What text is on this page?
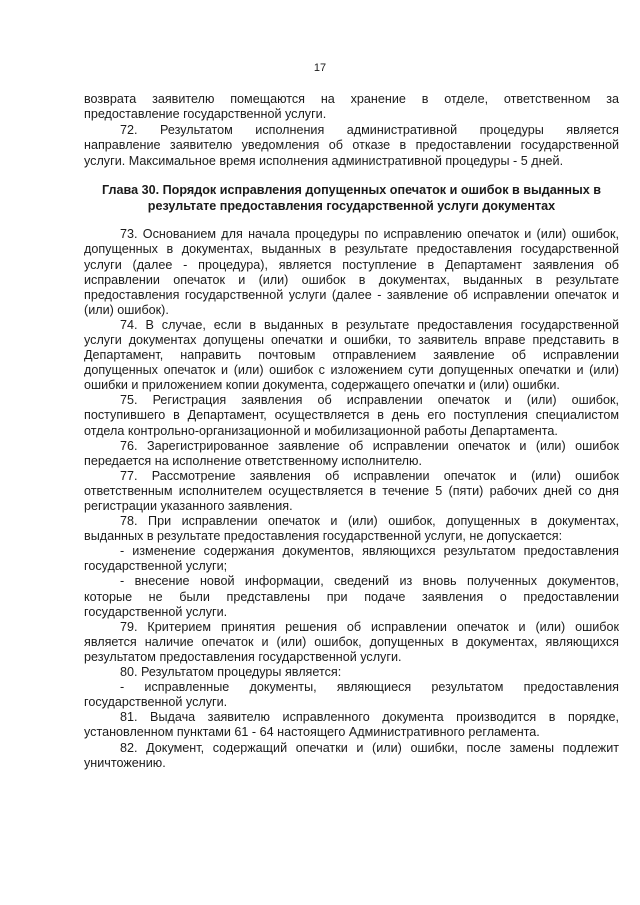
17
возврата заявителю помещаются на хранение в отделе, ответственном за
предоставление государственной услуги.
72. Результатом исполнения административной процедуры является
направление заявителю уведомления об отказе в предоставлении государственной
услуги. Максимальное время исполнения административной процедуры - 5 дней.
Глава 30. Порядок исправления допущенных опечаток и ошибок в выданных в
результате предоставления государственной услуги документах
73. Основанием для начала процедуры по исправлению опечаток и (или) ошибок,
допущенных в документах, выданных в результате предоставления государственной
услуги (далее - процедура), является поступление в Департамент заявления об
исправлении опечаток и (или) ошибок в документах, выданных в результате
предоставления государственной услуги (далее - заявление об исправлении опечаток и
(или) ошибок).
74. В случае, если в выданных в результате предоставления государственной
услуги документах допущены опечатки и ошибки, то заявитель вправе представить в
Департамент, направить почтовым отправлением заявление об исправлении
допущенных опечаток и (или) ошибок с изложением сути допущенных опечатки и (или)
ошибки и приложением копии документа, содержащего опечатки и (или) ошибки.
75. Регистрация заявления об исправлении опечаток и (или) ошибок,
поступившего в Департамент, осуществляется в день его поступления специалистом
отдела контрольно-организационной и мобилизационной работы Департамента.
76. Зарегистрированное заявление об исправлении опечаток и (или) ошибок
передается на исполнение ответственному исполнителю.
77. Рассмотрение заявления об исправлении опечаток и (или) ошибок
ответственным исполнителем осуществляется в течение 5 (пяти) рабочих дней со дня
регистрации указанного заявления.
78. При исправлении опечаток и (или) ошибок, допущенных в документах,
выданных в результате предоставления государственной услуги, не допускается:
- изменение содержания документов, являющихся результатом предоставления
государственной услуги;
- внесение новой информации, сведений из вновь полученных документов,
которые не были представлены при подаче заявления о предоставлении
государственной услуги.
79. Критерием принятия решения об исправлении опечаток и (или) ошибок
является наличие опечаток и (или) ошибок, допущенных в документах, являющихся
результатом предоставления государственной услуги.
80. Результатом процедуры является:
- исправленные документы, являющиеся результатом предоставления
государственной услуги.
81. Выдача заявителю исправленного документа производится в порядке,
установленном пунктами 61 - 64 настоящего Административного регламента.
82. Документ, содержащий опечатки и (или) ошибки, после замены подлежит
уничтожению.
